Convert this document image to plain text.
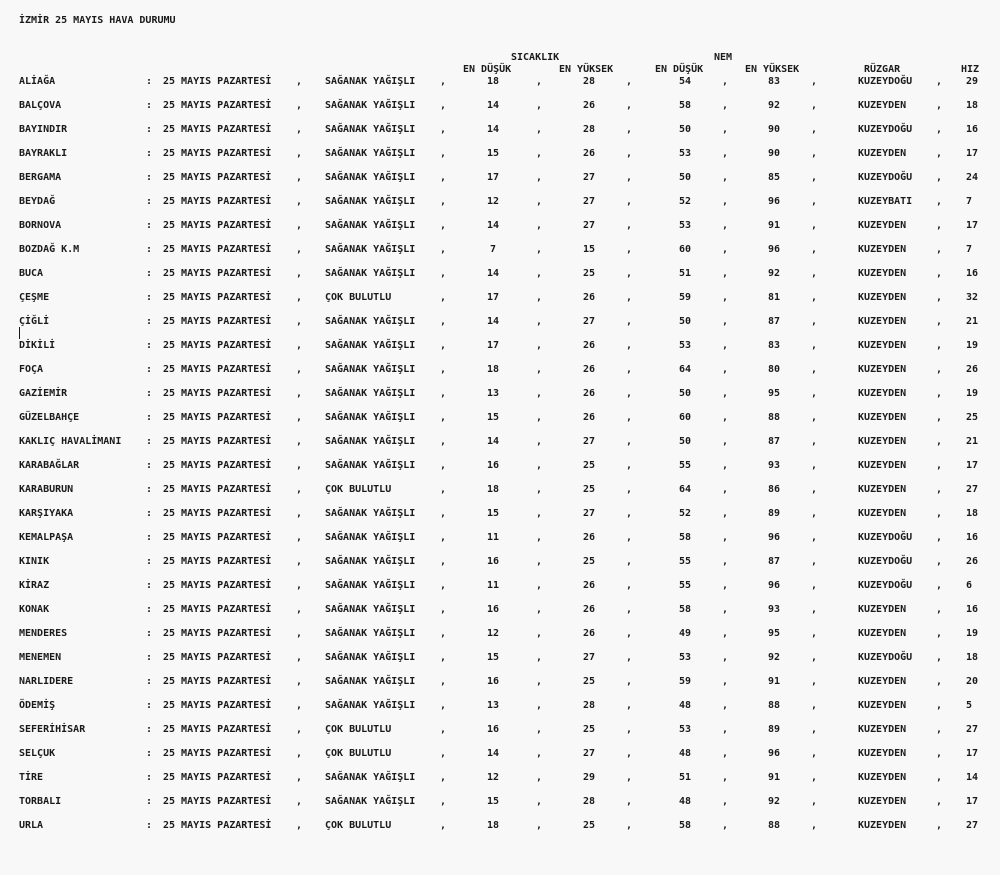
İZMİR 25 MAYIS HAVA DURUMU
SICAKLIK	NEM
EN DÜŞÜK	EN YÜKSEK	EN DÜŞÜK	EN YÜKSEK	RÜZGAR	HIZ
ALİAĞA	: 25 MAYIS PAZARTESİ , SAĞANAK YAĞIŞLI ,	18	,	28	,	54	,	83	,	KUZEYDOĞU , 29
BALÇOVA	: 25 MAYIS PAZARTESİ , SAĞANAK YAĞIŞLI ,	14	,	26	,	58	,	92	,	KUZEYDEN	, 18
BAYINDIR	: 25 MAYIS PAZARTESİ , SAĞANAK YAĞIŞLI ,	14	,	28	,	50	,	90	,	KUZEYDOĞU , 16
BAYRAKLI	: 25 MAYIS PAZARTESİ , SAĞANAK YAĞIŞLI ,	15	,	26	,	53	,	90	,	KUZEYDEN	, 17
BERGAMA	: 25 MAYIS PAZARTESİ , SAĞANAK YAĞIŞLI ,	17	,	27	,	50	,	85	,	KUZEYDOĞU , 24
BEYDAĞ	: 25 MAYIS PAZARTESİ , SAĞANAK YAĞIŞLI ,	12	,	27	,	52	,	96	,	KUZEYBATI , 7
BORNOVA	: 25 MAYIS PAZARTESİ , SAĞANAK YAĞIŞLI ,	14	,	27	,	53	,	91	,	KUZEYDEN	, 17
BOZDAĞ K.M	: 25 MAYIS PAZARTESİ , SAĞANAK YAĞIŞLI ,	7	,	15	,	60	,	96	,	KUZEYDEN	, 7
BUCA	: 25 MAYIS PAZARTESİ , SAĞANAK YAĞIŞLI ,	14	,	25	,	51	,	92	,	KUZEYDEN	, 16
ÇEŞME	: 25 MAYIS PAZARTESİ , ÇOK BULUTLU	,	17	,	26	,	59	,	81	,	KUZEYDEN	, 32
ÇİĞLİ	: 25 MAYIS PAZARTESİ , SAĞANAK YAĞIŞLI ,	14	,	27	,	50	,	87	,	KUZEYDEN	, 21
DİKİLİ	: 25 MAYIS PAZARTESİ , SAĞANAK YAĞIŞLI ,	17	,	26	,	53	,	83	,	KUZEYDEN	, 19
FOÇA	: 25 MAYIS PAZARTESİ , SAĞANAK YAĞIŞLI ,	18	,	26	,	64	,	80	,	KUZEYDEN	, 26
GAZİEMİR	: 25 MAYIS PAZARTESİ , SAĞANAK YAĞIŞLI ,	13	,	26	,	50	,	95	,	KUZEYDEN	, 19
GÜZELBAHÇE	: 25 MAYIS PAZARTESİ , SAĞANAK YAĞIŞLI ,	15	,	26	,	60	,	88	,	KUZEYDEN	, 25
KAKLIÇ HAVALİMANI : 25 MAYIS PAZARTESİ , SAĞANAK YAĞIŞLI ,	14	,	27	,	50	,	87	,	KUZEYDEN	, 21
KARABAĞLAR	: 25 MAYIS PAZARTESİ , SAĞANAK YAĞIŞLI ,	16	,	25	,	55	,	93	,	KUZEYDEN	, 17
KARABURUN	: 25 MAYIS PAZARTESİ , ÇOK BULUTLU	,	18	,	25	,	64	,	86	,	KUZEYDEN	, 27
KARŞIYAKA	: 25 MAYIS PAZARTESİ , SAĞANAK YAĞIŞLI ,	15	,	27	,	52	,	89	,	KUZEYDEN	, 18
KEMALPAŞA	: 25 MAYIS PAZARTESİ , SAĞANAK YAĞIŞLI ,	11	,	26	,	58	,	96	,	KUZEYDOĞU , 16
KINIK	: 25 MAYIS PAZARTESİ , SAĞANAK YAĞIŞLI ,	16	,	25	,	55	,	87	,	KUZEYDOĞU , 26
KİRAZ	: 25 MAYIS PAZARTESİ , SAĞANAK YAĞIŞLI ,	11	,	26	,	55	,	96	,	KUZEYDOĞU , 6
KONAK	: 25 MAYIS PAZARTESİ , SAĞANAK YAĞIŞLI ,	16	,	26	,	58	,	93	,	KUZEYDEN	, 16
MENDERES	: 25 MAYIS PAZARTESİ , SAĞANAK YAĞIŞLI ,	12	,	26	,	49	,	95	,	KUZEYDEN	, 19
MENEMEN	: 25 MAYIS PAZARTESİ , SAĞANAK YAĞIŞLI ,	15	,	27	,	53	,	92	,	KUZEYDOĞU , 18
NARLIDERE	: 25 MAYIS PAZARTESİ , SAĞANAK YAĞIŞLI ,	16	,	25	,	59	,	91	,	KUZEYDEN	, 20
ÖDEMİŞ	: 25 MAYIS PAZARTESİ , SAĞANAK YAĞIŞLI ,	13	,	28	,	48	,	88	,	KUZEYDEN	, 5
SEFERİHİSAR	: 25 MAYIS PAZARTESİ , ÇOK BULUTLU	,	16	,	25	,	53	,	89	,	KUZEYDEN	, 27
SELÇUK	: 25 MAYIS PAZARTESİ , ÇOK BULUTLU	,	14	,	27	,	48	,	96	,	KUZEYDEN	, 17
TİRE	: 25 MAYIS PAZARTESİ , SAĞANAK YAĞIŞLI ,	12	,	29	,	51	,	91	,	KUZEYDEN	, 14
TORBALI	: 25 MAYIS PAZARTESİ , SAĞANAK YAĞIŞLI ,	15	,	28	,	48	,	92	,	KUZEYDEN	, 17
URLA	: 25 MAYIS PAZARTESİ , ÇOK BULUTLU	,	18	,	25	,	58	,	88	,	KUZEYDEN	, 27
